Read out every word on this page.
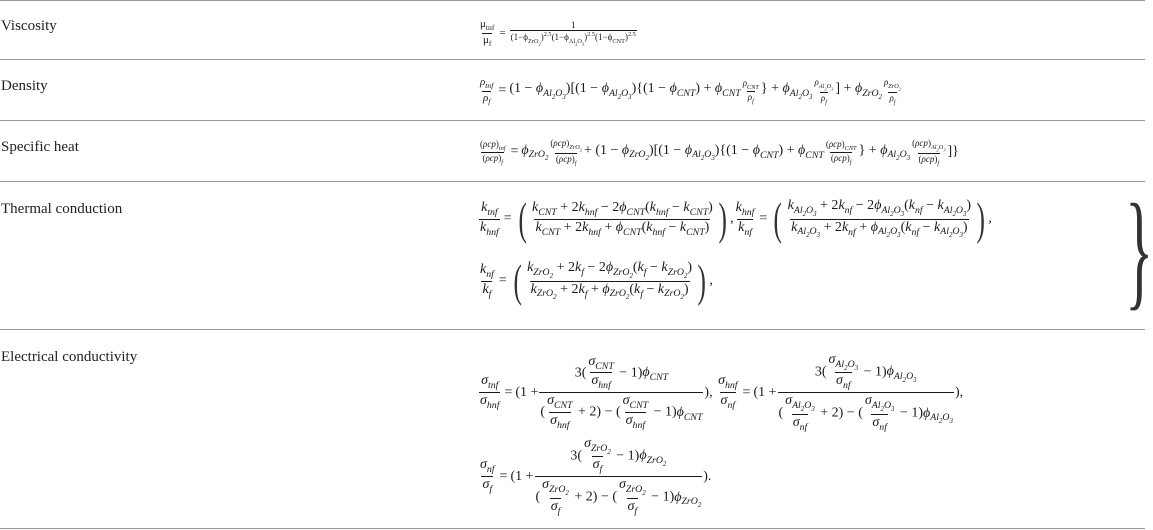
Viscosity
Density
Specific heat
Thermal conduction
Electrical conductivity
$\frac{\mu_{tnf}}{\mu_f} = \frac{1}{(1-\phi_{ZrO_2})^{2.5}(1-\phi_{Al_2O_3})^{2.5}(1-\phi_{CNT})^{2.5}}$
$\frac{\rho_{tnf}}{\rho_f} = (1 - \phi_{Al_2O_3})[(1 - \phi_{Al_2O_3})\{(1 - \phi_{CNT}) + \phi_{CNT} \frac{\rho_{CNT}}{\rho_f}$ } + $\phi_{Al_2O_3} \frac{\rho_{Al_2O_3}}{\rho_f}$ ] + $\phi_{ZrO_2} \frac{\rho_{ZrO_2}}{\rho_f}$
$\frac{(\rho cp)_{tnf}}{(\rho cp)_f} = \phi_{ZrO_2} \frac{(\rho cp)_{ZrO_2}}{(\rho cp)_f} + (1 - \phi_{ZrO_2})[(1 - \phi_{Al_2O_3})\{(1 - \phi_{CNT}) + \phi_{CNT} \frac{(\rho cp)_{CNT}}{(\rho cp)_f}$ } + $\phi_{Al_2O_3} \frac{(\rho cp)_{Al_2O_3}}{(\rho cp)_f}$ ]}
$\frac{k_{tnf}}{k_{hnf}}$ = ( $\frac{k_{CNT} + 2k_{hnf} - 2\phi_{CNT}(k_{hnf} - k_{CNT})}{k_{CNT} + 2k_{hnf} + \phi_{CNT}(k_{hnf} - k_{CNT})}$ ) , $\frac{k_{hnf}}{k_{nf}}$ = ( $\frac{k_{Al_2O_3} + 2k_{nf} - 2\phi_{Al_2O_3}(k_{nf} - k_{Al_2O_3})}{k_{Al_2O_3} + 2k_{nf} + \phi_{Al_2O_3}(k_{nf} - k_{Al_2O_3})}$ ) ,
$\frac{k_{nf}}{k_f}$ = ( $\frac{k_{ZrO_2} + 2k_f - 2\phi_{ZrO_2}(k_f - k_{ZrO_2})}{k_{ZrO_2} + 2k_f + \phi_{ZrO_2}(k_f - k_{ZrO_2})}$ ) ,	}
$\frac{\sigma_{tnf}}{\sigma_{hnf}} = (1 + \frac{3( \frac{\sigma_{CNT}}{\sigma_{hnf}} - 1)\phi_{CNT}}{( \frac{\sigma_{CNT}}{\sigma_{hnf}} + 2) - ( \frac{\sigma_{CNT}}{\sigma_{hnf}} - 1)\phi_{CNT}}$ ), $\frac{\sigma_{hnf}}{\sigma_{nf}} = (1 + \frac{3( \frac{\sigma_{Al_2O_3}}{\sigma_{nf}} - 1)\phi_{Al_2O_3}}{( \frac{\sigma_{Al_2O_3}}{\sigma_{nf}} + 2) - ( \frac{\sigma_{Al_2O_3}}{\sigma_{nf}} - 1)\phi_{Al_2O_3}}$ ),
$\frac{\sigma_{nf}}{\sigma_f} = (1 + \frac{3( \frac{\sigma_{ZrO_2}}{\sigma_f} - 1)\phi_{ZrO_2}}{( \frac{\sigma_{ZrO_2}}{\sigma_f} + 2) - ( \frac{\sigma_{ZrO_2}}{\sigma_f} - 1)\phi_{ZrO_2}}$ ).
